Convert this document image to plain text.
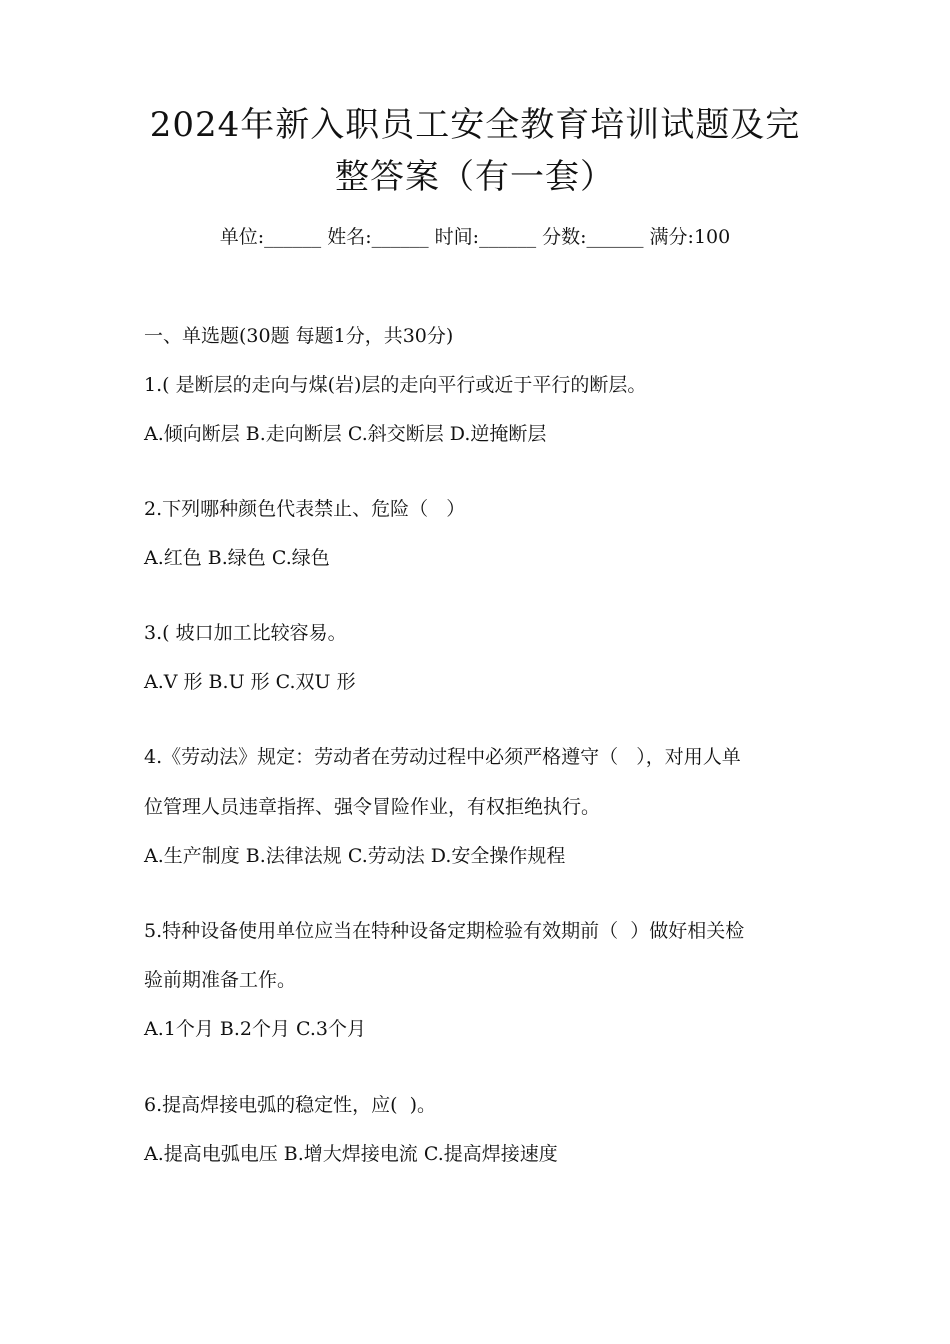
2024年新入职员工安全教育培训试题及完
整答案（有一套）
单位:______ 姓名:______ 时间:______ 分数:______ 满分:100
一、单选题(30题 每题1分，共30分)
1.( 是断层的走向与煤(岩)层的走向平行或近于平行的断层。
A.倾向断层 B.走向断层 C.斜交断层 D.逆掩断层
2.下列哪种颜色代表禁止、危险（   ）
A.红色 B.绿色 C.绿色
3.( 坡口加工比较容易。
A.V 形 B.U 形 C.双U 形
4.《劳动法》规定：劳动者在劳动过程中必须严格遵守（   ），对用人单
位管理人员违章指挥、强令冒险作业，有权拒绝执行。
A.生产制度 B.法律法规 C.劳动法 D.安全操作规程
5.特种设备使用单位应当在特种设备定期检验有效期前（  ）做好相关检
验前期准备工作。
A.1个月 B.2个月 C.3个月
6.提高焊接电弧的稳定性，应(  )。
A.提高电弧电压 B.增大焊接电流 C.提高焊接速度
